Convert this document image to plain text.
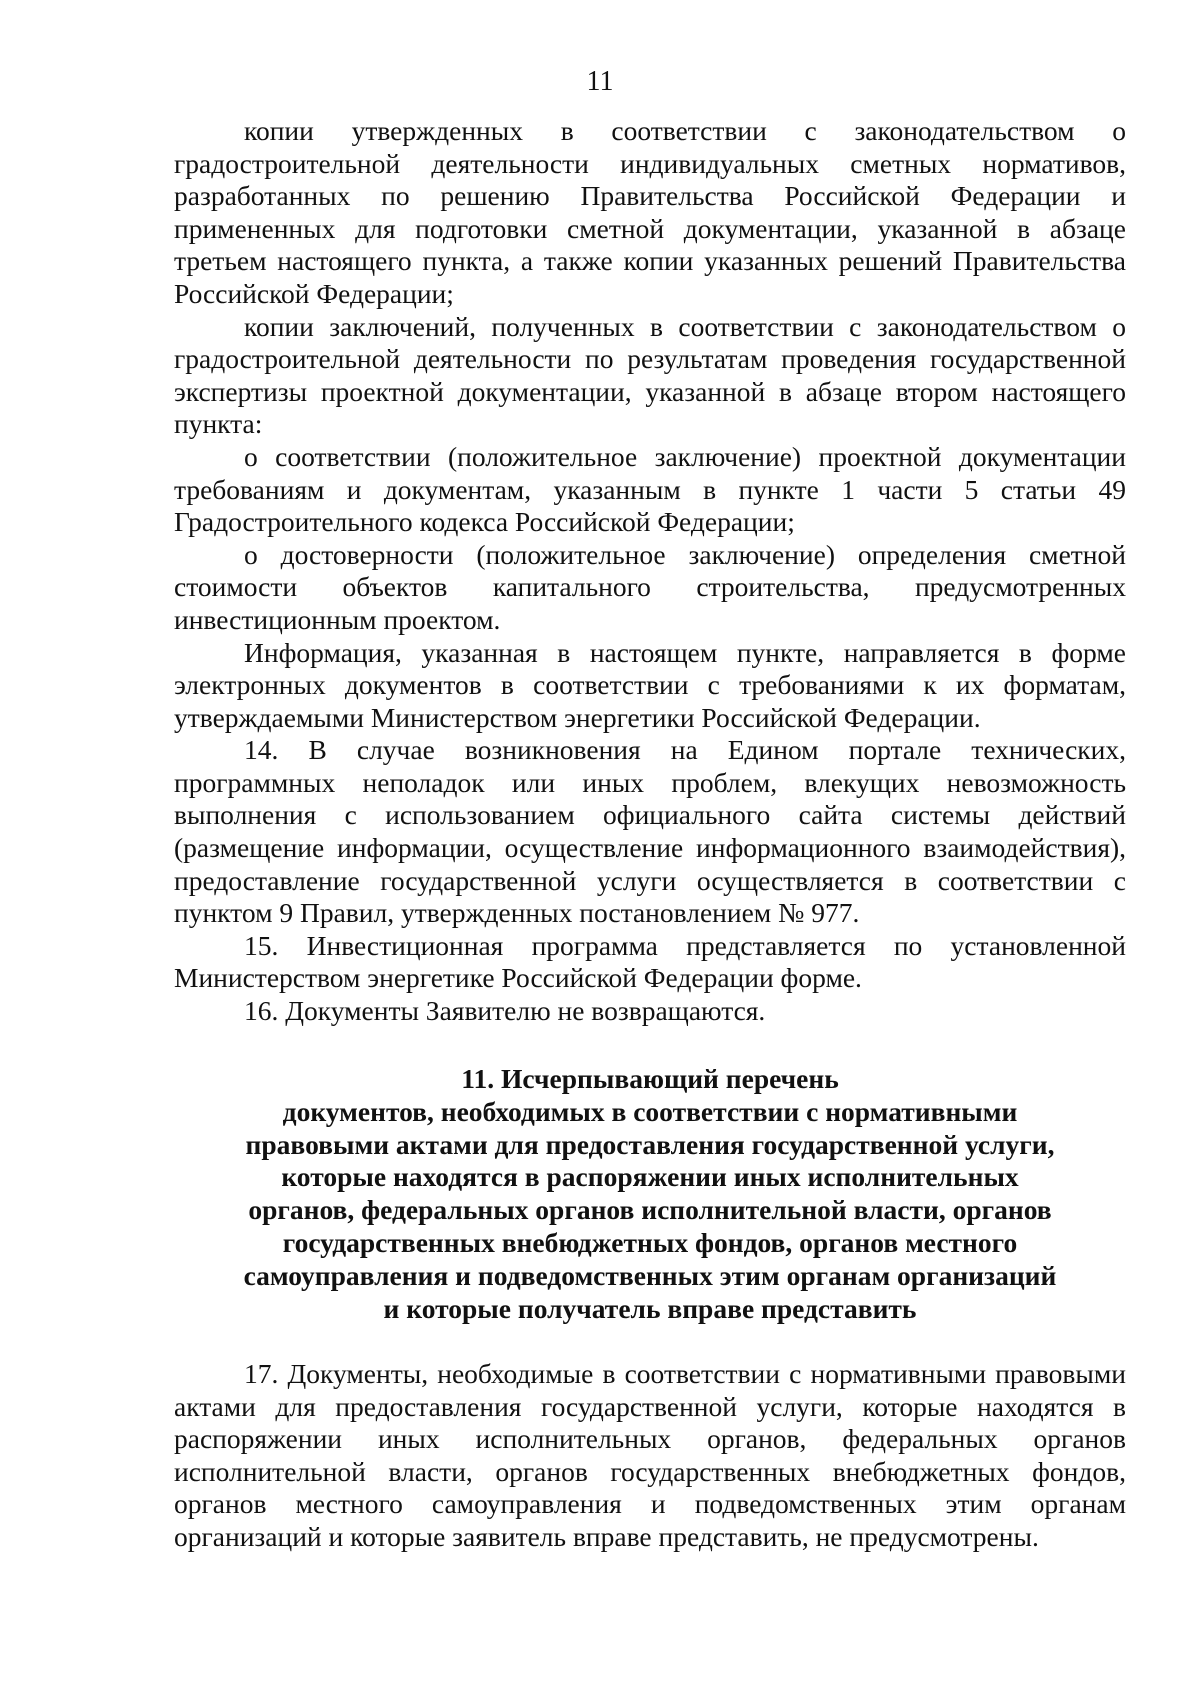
11

копии утвержденных в соответствии с законодательством о градостроительной деятельности индивидуальных сметных нормативов, разработанных по решению Правительства Российской Федерации и примененных для подготовки сметной документации, указанной в абзаце третьем настоящего пункта, а также копии указанных решений Правительства Российской Федерации;

копии заключений, полученных в соответствии с законодательством о градостроительной деятельности по результатам проведения государственной экспертизы проектной документации, указанной в абзаце втором настоящего пункта:

о соответствии (положительное заключение) проектной документации требованиям и документам, указанным в пункте 1 части 5 статьи 49 Градостроительного кодекса Российской Федерации;

о достоверности (положительное заключение) определения сметной стоимости объектов капитального строительства, предусмотренных инвестиционным проектом.

Информация, указанная в настоящем пункте, направляется в форме электронных документов в соответствии с требованиями к их форматам, утверждаемыми Министерством энергетики Российской Федерации.

14. В случае возникновения на Едином портале технических, программных неполадок или иных проблем, влекущих невозможность выполнения с использованием официального сайта системы действий (размещение информации, осуществление информационного взаимодействия), предоставление государственной услуги осуществляется в соответствии с пунктом 9 Правил, утвержденных постановлением № 977.

15. Инвестиционная программа представляется по установленной Министерством энергетике Российской Федерации форме.

16. Документы Заявителю не возвращаются.

11. Исчерпывающий перечень
документов, необходимых в соответствии с нормативными
правовыми актами для предоставления государственной услуги,
которые находятся в распоряжении иных исполнительных
органов, федеральных органов исполнительной власти, органов
государственных внебюджетных фондов, органов местного
самоуправления и подведомственных этим органам организаций
и которые получатель вправе представить

17. Документы, необходимые в соответствии с нормативными правовыми актами для предоставления государственной услуги, которые находятся в распоряжении иных исполнительных органов, федеральных органов исполнительной власти, органов государственных внебюджетных фондов, органов местного самоуправления и подведомственных этим органам организаций и которые заявитель вправе представить, не предусмотрены.
